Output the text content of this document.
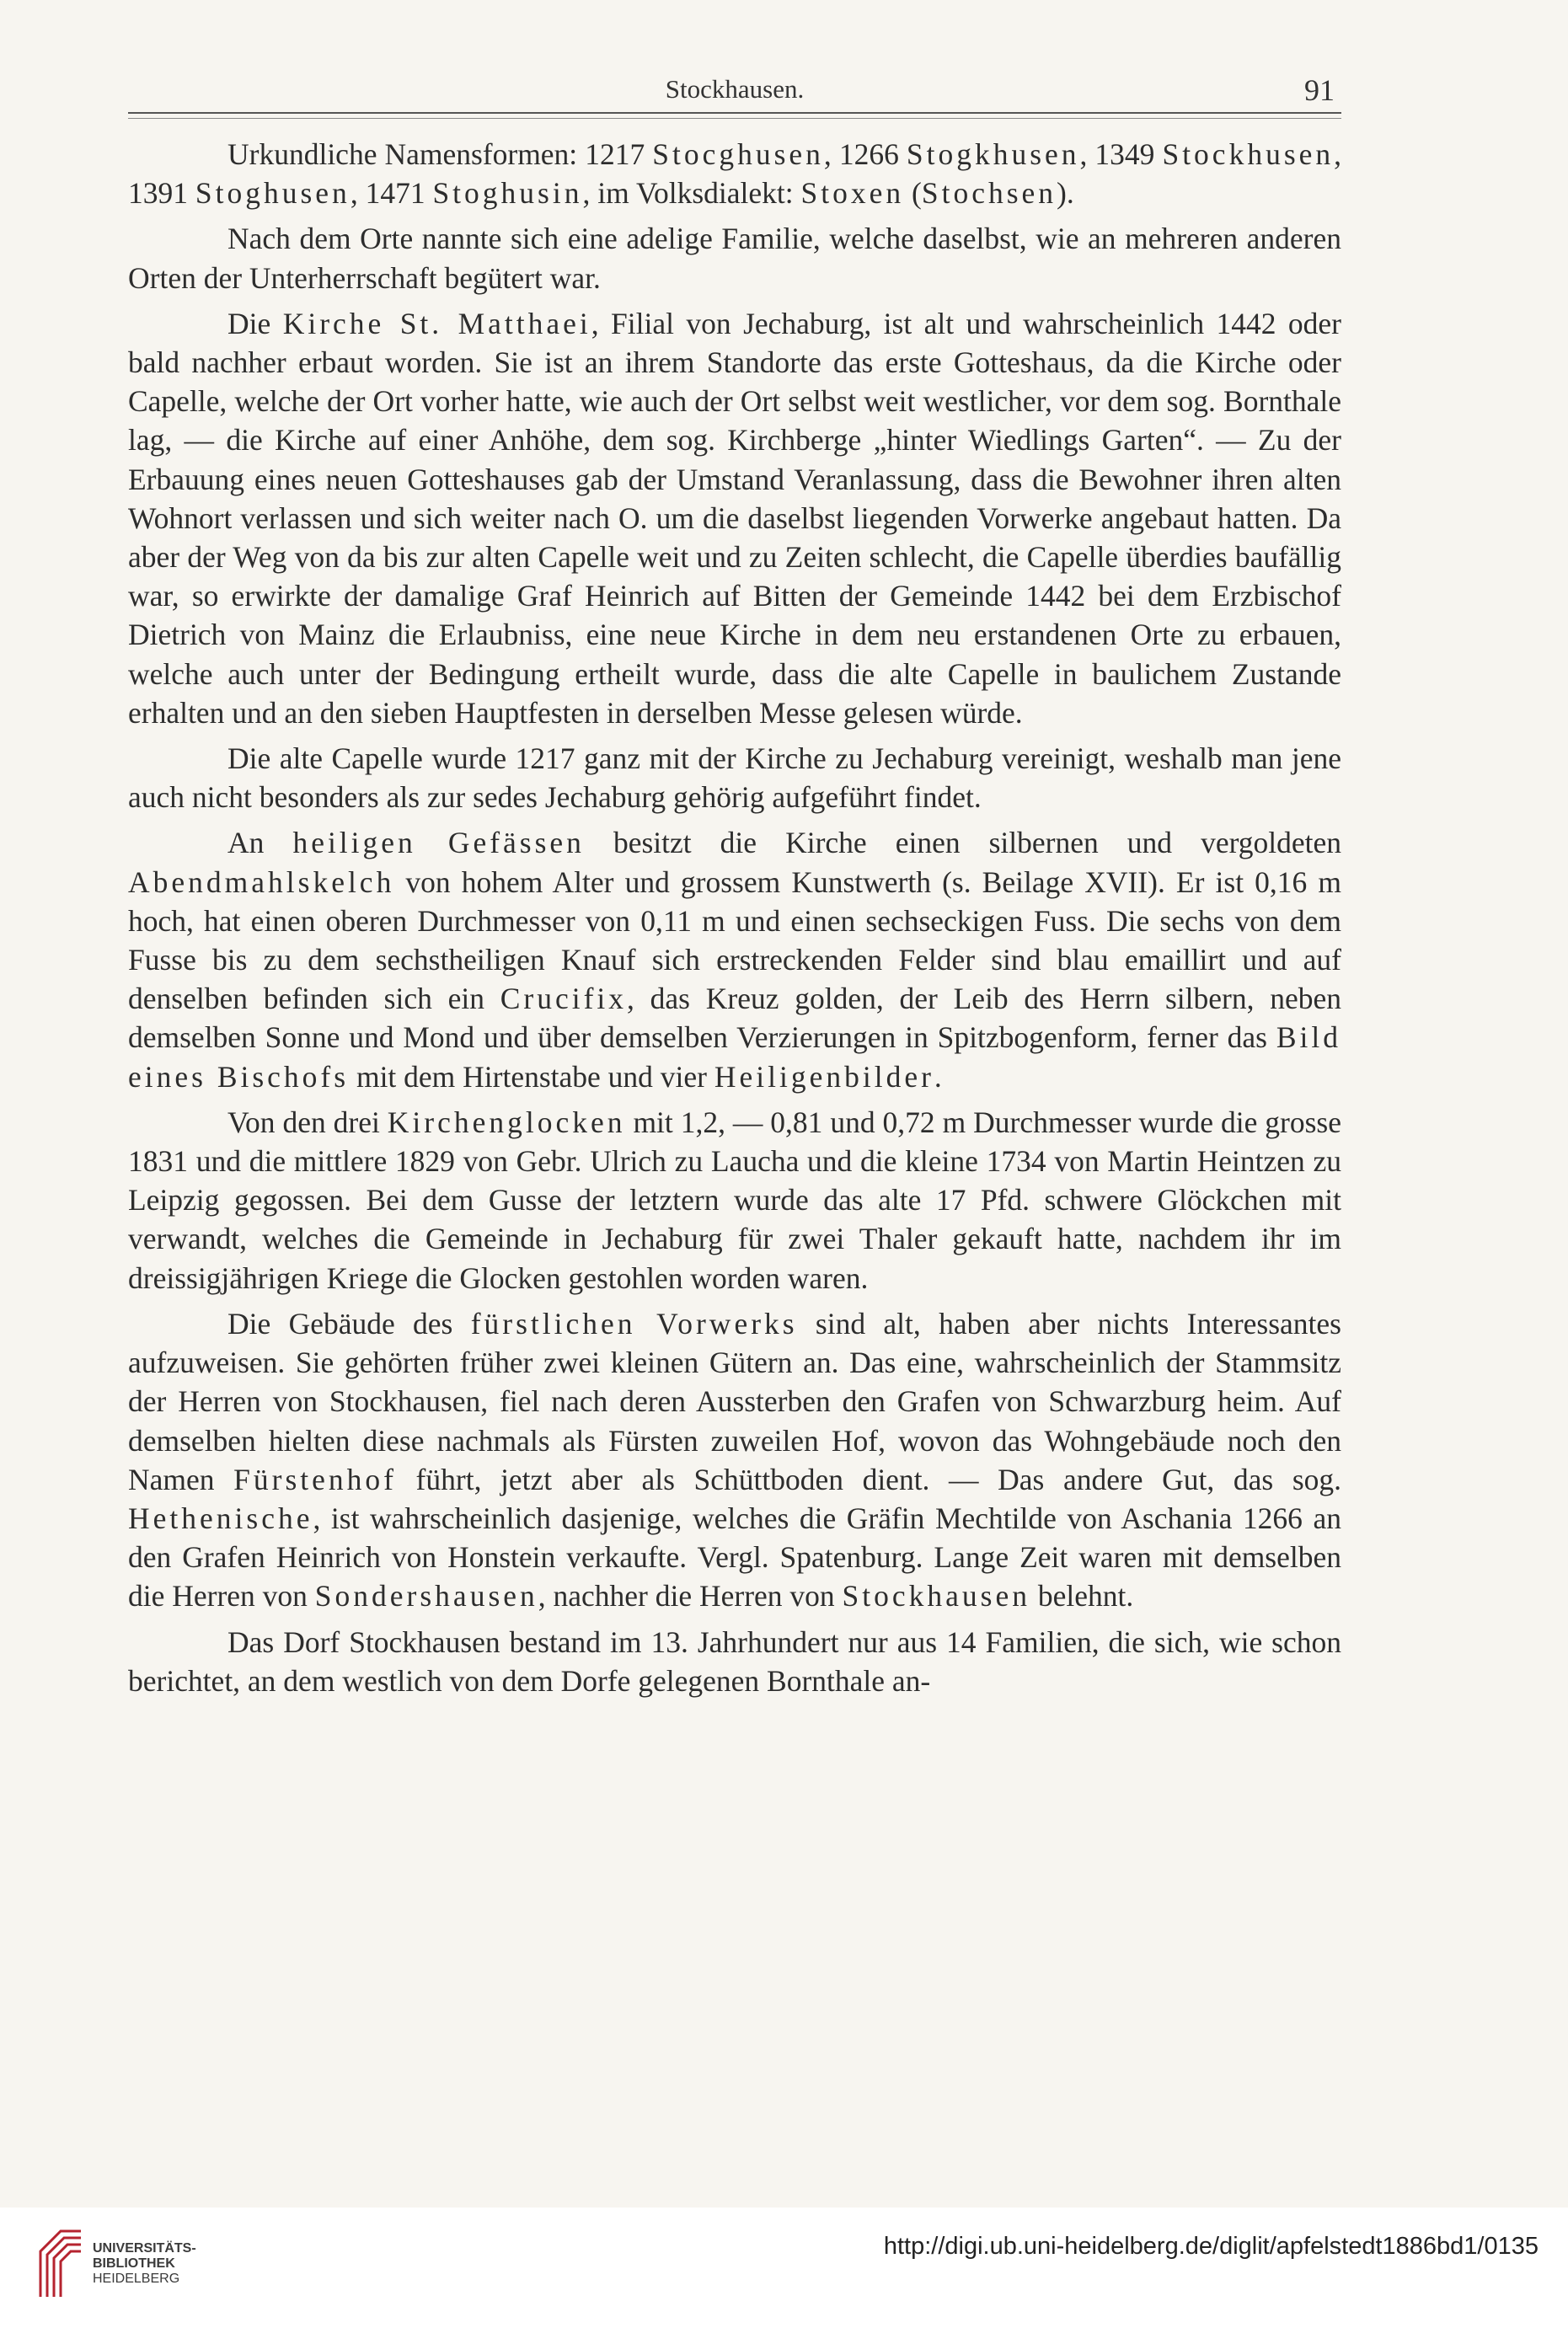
Stockhausen.	91

Urkundliche Namensformen: 1217 Stocghusen, 1266 Stogkhusen, 1349 Stockhusen, 1391 Stoghusen, 1471 Stoghusin, im Volksdialekt: Stoxen (Stochsen).

Nach dem Orte nannte sich eine adelige Familie, welche daselbst, wie an mehreren anderen Orten der Unterherrschaft begütert war.

Die Kirche St. Matthaei, Filial von Jechaburg, ist alt und wahrscheinlich 1442 oder bald nachher erbaut worden. Sie ist an ihrem Standorte das erste Gotteshaus, da die Kirche oder Capelle, welche der Ort vorher hatte, wie auch der Ort selbst weit westlicher, vor dem sog. Bornthale lag, — die Kirche auf einer Anhöhe, dem sog. Kirchberge „hinter Wiedlings Garten“. — Zu der Erbauung eines neuen Gotteshauses gab der Umstand Veranlassung, dass die Bewohner ihren alten Wohnort verlassen und sich weiter nach O. um die daselbst liegenden Vorwerke angebaut hatten. Da aber der Weg von da bis zur alten Capelle weit und zu Zeiten schlecht, die Capelle überdies baufällig war, so erwirkte der damalige Graf Heinrich auf Bitten der Gemeinde 1442 bei dem Erzbischof Dietrich von Mainz die Erlaubniss, eine neue Kirche in dem neu erstandenen Orte zu erbauen, welche auch unter der Bedingung ertheilt wurde, dass die alte Capelle in baulichem Zustande erhalten und an den sieben Hauptfesten in derselben Messe gelesen würde.

Die alte Capelle wurde 1217 ganz mit der Kirche zu Jechaburg vereinigt, weshalb man jene auch nicht besonders als zur sedes Jechaburg gehörig aufgeführt findet.

An heiligen Gefässen besitzt die Kirche einen silbernen und vergoldeten Abendmahlskelch von hohem Alter und grossem Kunstwerth (s. Beilage XVII). Er ist 0,16 m hoch, hat einen oberen Durchmesser von 0,11 m und einen sechseckigen Fuss. Die sechs von dem Fusse bis zu dem sechstheiligen Knauf sich erstreckenden Felder sind blau emaillirt und auf denselben befinden sich ein Crucifix, das Kreuz golden, der Leib des Herrn silbern, neben demselben Sonne und Mond und über demselben Verzierungen in Spitzbogenform, ferner das Bild eines Bischofs mit dem Hirtenstabe und vier Heiligenbilder.

Von den drei Kirchenglocken mit 1,2, — 0,81 und 0,72 m Durchmesser wurde die grosse 1831 und die mittlere 1829 von Gebr. Ulrich zu Laucha und die kleine 1734 von Martin Heintzen zu Leipzig gegossen. Bei dem Gusse der letztern wurde das alte 17 Pfd. schwere Glöckchen mit verwandt, welches die Gemeinde in Jechaburg für zwei Thaler gekauft hatte, nachdem ihr im dreissigjährigen Kriege die Glocken gestohlen worden waren.

Die Gebäude des fürstlichen Vorwerks sind alt, haben aber nichts Interessantes aufzuweisen. Sie gehörten früher zwei kleinen Gütern an. Das eine, wahrscheinlich der Stammsitz der Herren von Stockhausen, fiel nach deren Aussterben den Grafen von Schwarzburg heim. Auf demselben hielten diese nachmals als Fürsten zuweilen Hof, wovon das Wohngebäude noch den Namen Fürstenhof führt, jetzt aber als Schüttboden dient. — Das andere Gut, das sog. Hethenische, ist wahrscheinlich dasjenige, welches die Gräfin Mechtilde von Aschania 1266 an den Grafen Heinrich von Honstein verkaufte. Vergl. Spatenburg. Lange Zeit waren mit demselben die Herren von Sondershausen, nachher die Herren von Stockhausen belehnt.

Das Dorf Stockhausen bestand im 13. Jahrhundert nur aus 14 Familien, die sich, wie schon berichtet, an dem westlich von dem Dorfe gelegenen Bornthale an-

UNIVERSITÄTS-
BIBLIOTHEK
HEIDELBERG
http://digi.ub.uni-heidelberg.de/diglit/apfelstedt1886bd1/0135
